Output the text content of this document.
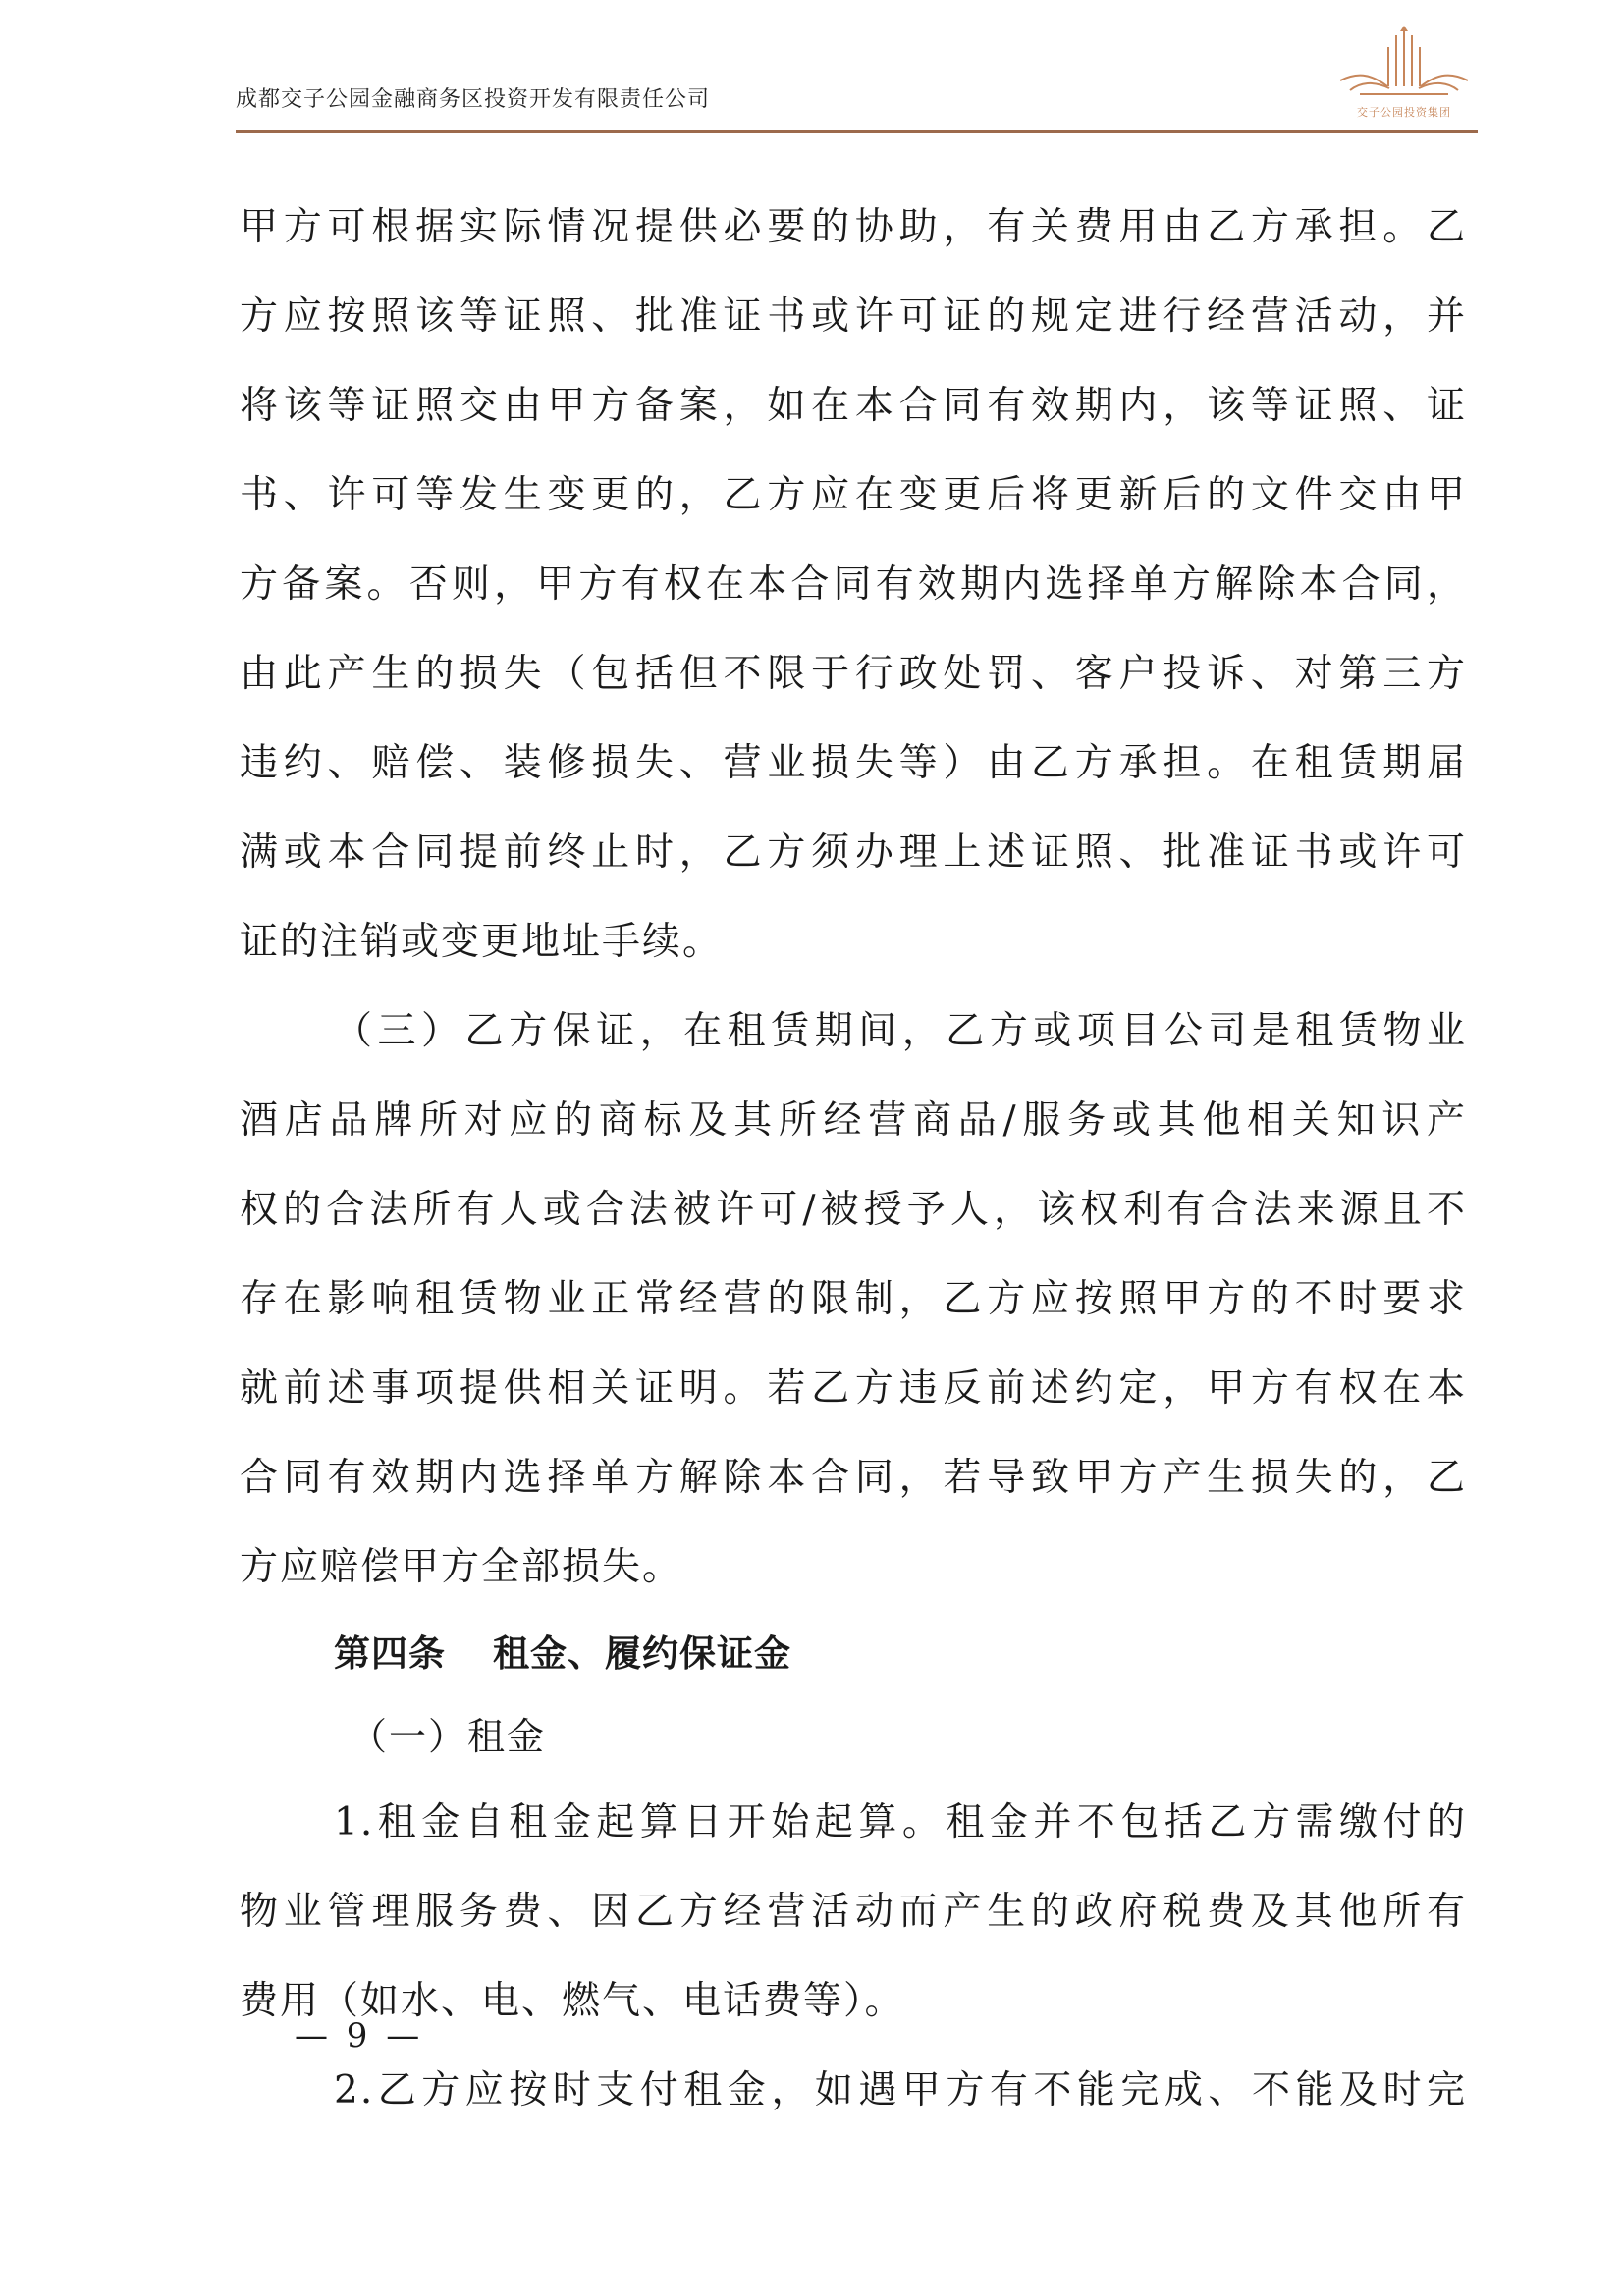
成都交子公园金融商务区投资开发有限责任公司
交子公园投资集团
甲方可根据实际情况提供必要的协助，有关费用由乙方承担。乙
方应按照该等证照、批准证书或许可证的规定进行经营活动，并
将该等证照交由甲方备案，如在本合同有效期内，该等证照、证
书、许可等发生变更的，乙方应在变更后将更新后的文件交由甲
方备案。否则，甲方有权在本合同有效期内选择单方解除本合同，
由此产生的损失（包括但不限于行政处罚、客户投诉、对第三方
违约、赔偿、装修损失、营业损失等）由乙方承担。在租赁期届
满或本合同提前终止时，乙方须办理上述证照、批准证书或许可
证的注销或变更地址手续。
（三）乙方保证，在租赁期间，乙方或项目公司是租赁物业
酒店品牌所对应的商标及其所经营商品/服务或其他相关知识产
权的合法所有人或合法被许可/被授予人，该权利有合法来源且不
存在影响租赁物业正常经营的限制，乙方应按照甲方的不时要求
就前述事项提供相关证明。若乙方违反前述约定，甲方有权在本
合同有效期内选择单方解除本合同，若导致甲方产生损失的，乙
方应赔偿甲方全部损失。
第四条 租金、履约保证金
（一）租金
1.租金自租金起算日开始起算。租金并不包括乙方需缴付的
物业管理服务费、因乙方经营活动而产生的政府税费及其他所有
费用（如水、电、燃气、电话费等）。
2.乙方应按时支付租金，如遇甲方有不能完成、不能及时完
— 9 —
